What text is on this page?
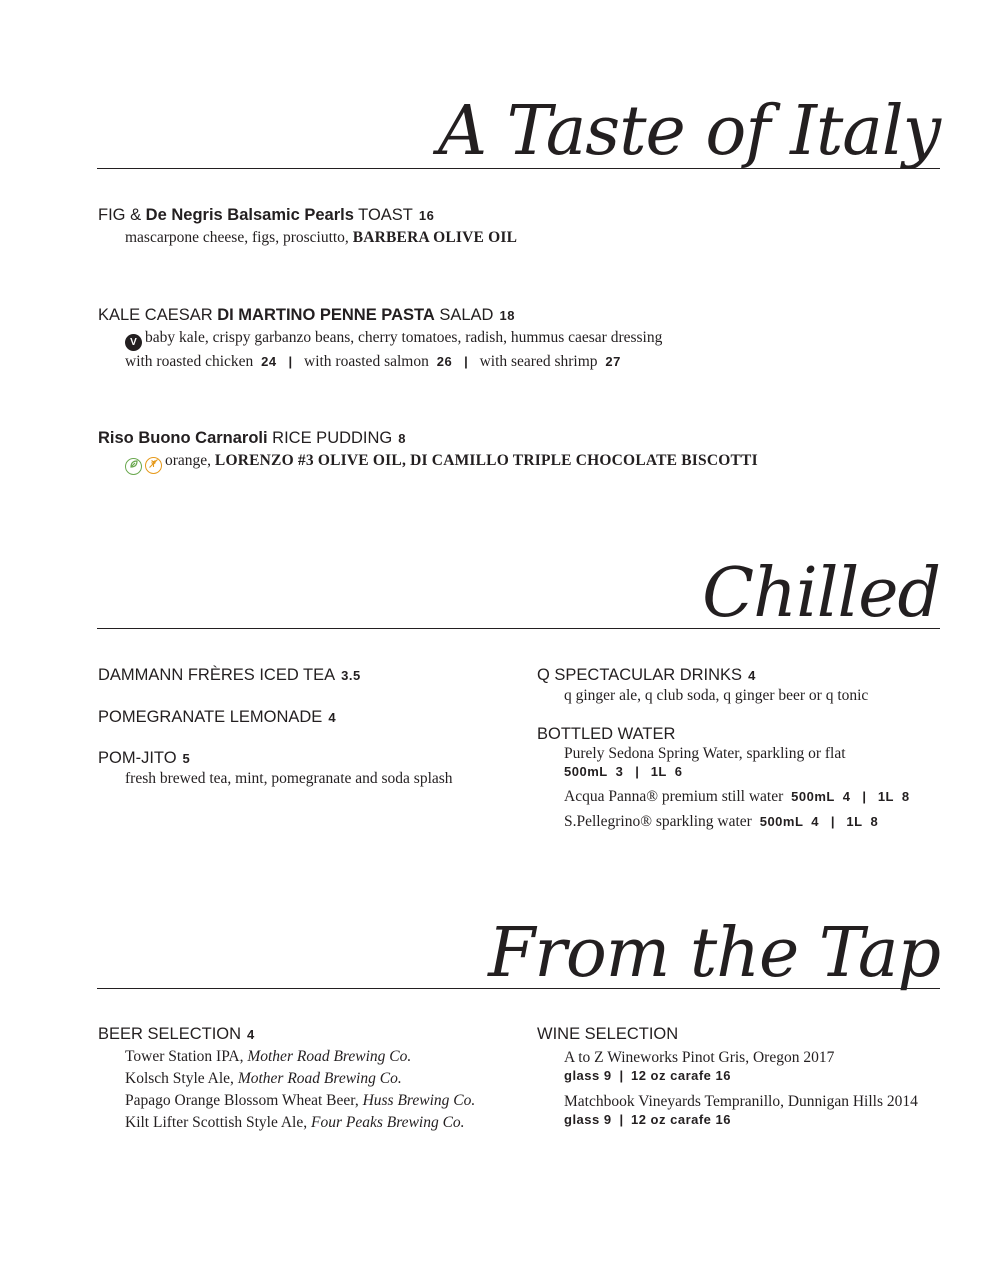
A Taste of Italy
FIG & De Negris Balsamic Pearls TOAST 16
mascarpone cheese, figs, prosciutto, BARBERA OLIVE OIL
KALE CAESAR DI MARTINO PENNE PASTA SALAD 18
V baby kale, crispy garbanzo beans, cherry tomatoes, radish, hummus caesar dressing
with roasted chicken 24 | with roasted salmon 26 | with seared shrimp 27
Riso Buono Carnaroli RICE PUDDING 8
orange, LORENZO #3 OLIVE OIL, DI CAMILLO TRIPLE CHOCOLATE BISCOTTI
Chilled
DAMMANN FRÈRES ICED TEA 3.5
POMEGRANATE LEMONADE 4
POM-JITO 5
fresh brewed tea, mint, pomegranate and soda splash
Q SPECTACULAR DRINKS 4
q ginger ale, q club soda, q ginger beer or q tonic
BOTTLED WATER
Purely Sedona Spring Water, sparkling or flat
500mL 3 | 1L 6
Acqua Panna® premium still water 500mL 4 | 1L 8
S.Pellegrino® sparkling water 500mL 4 | 1L 8
From the Tap
BEER SELECTION 4
Tower Station IPA, Mother Road Brewing Co.
Kolsch Style Ale, Mother Road Brewing Co.
Papago Orange Blossom Wheat Beer, Huss Brewing Co.
Kilt Lifter Scottish Style Ale, Four Peaks Brewing Co.
WINE SELECTION
A to Z Wineworks Pinot Gris, Oregon 2017
glass 9 | 12 oz carafe 16
Matchbook Vineyards Tempranillo, Dunnigan Hills 2014
glass 9 | 12 oz carafe 16
